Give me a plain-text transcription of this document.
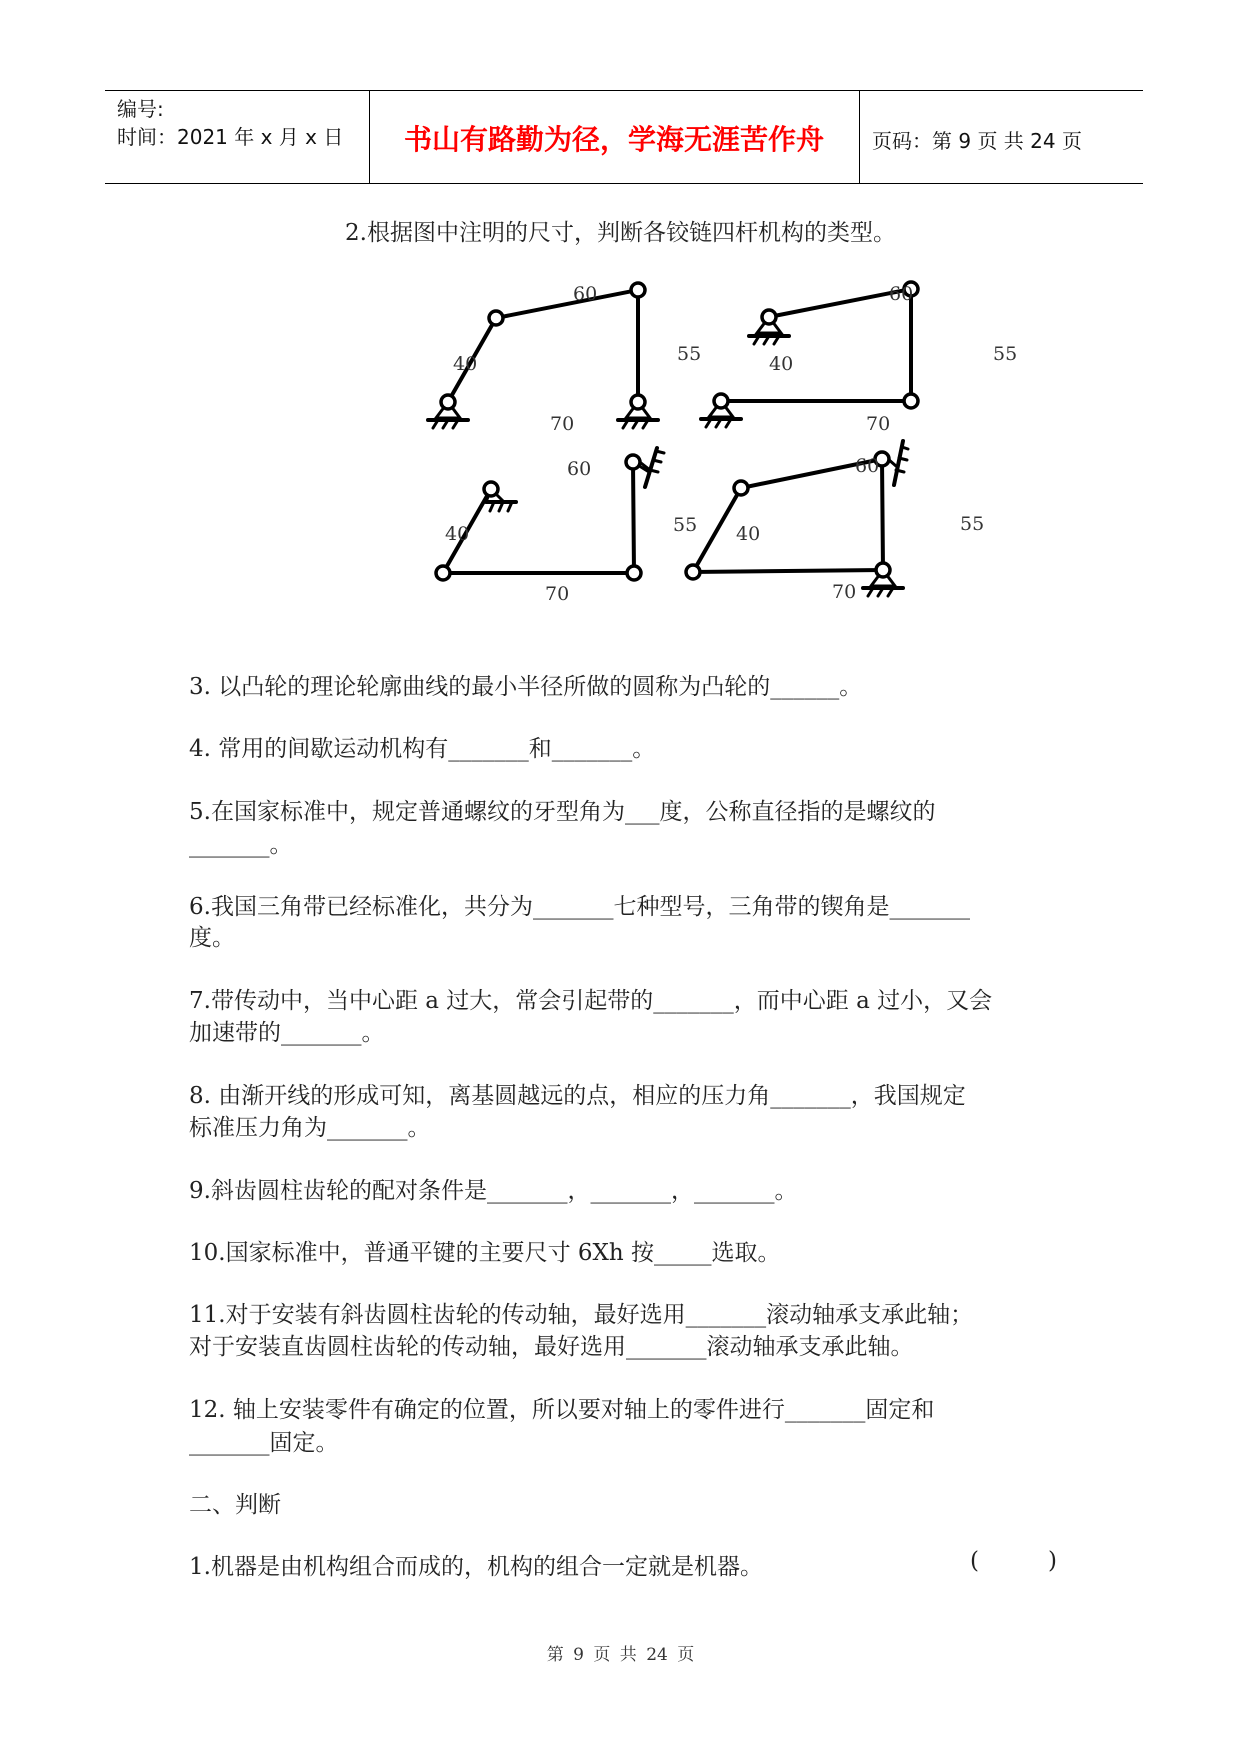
编号:
时间：2021 年 x 月 x 日	书山有路勤为径，学海无涯苦作舟	页码：第 9 页 共 24 页
2.根据图中注明的尺寸，判断各铰链四杆机构的类型。
60
55
40
70
60
55
40
70
60
55
40
70
60
55
40
70
3. 以凸轮的理论轮廓曲线的最小半径所做的圆称为凸轮的______。
4. 常用的间歇运动机构有_______和_______。
5.在国家标准中，规定普通螺纹的牙型角为___度，公称直径指的是螺纹的
_______。
6.我国三角带已经标准化，共分为_______七种型号，三角带的锲角是_______
度。
7.带传动中，当中心距 a 过大，常会引起带的_______，而中心距 a 过小，又会
加速带的_______。
8. 由渐开线的形成可知，离基圆越远的点，相应的压力角_______，我国规定
标准压力角为_______。
9.斜齿圆柱齿轮的配对条件是_______，_______，_______。
10.国家标准中，普通平键的主要尺寸 6Xh 按_____选取。
11.对于安装有斜齿圆柱齿轮的传动轴，最好选用_______滚动轴承支承此轴；
对于安装直齿圆柱齿轮的传动轴，最好选用_______滚动轴承支承此轴。
12. 轴上安装零件有确定的位置，所以要对轴上的零件进行_______固定和
_______固定。
二、判断
1.机器是由机构组合而成的，机构的组合一定就是机器。	(	)
第 9 页 共 24 页
